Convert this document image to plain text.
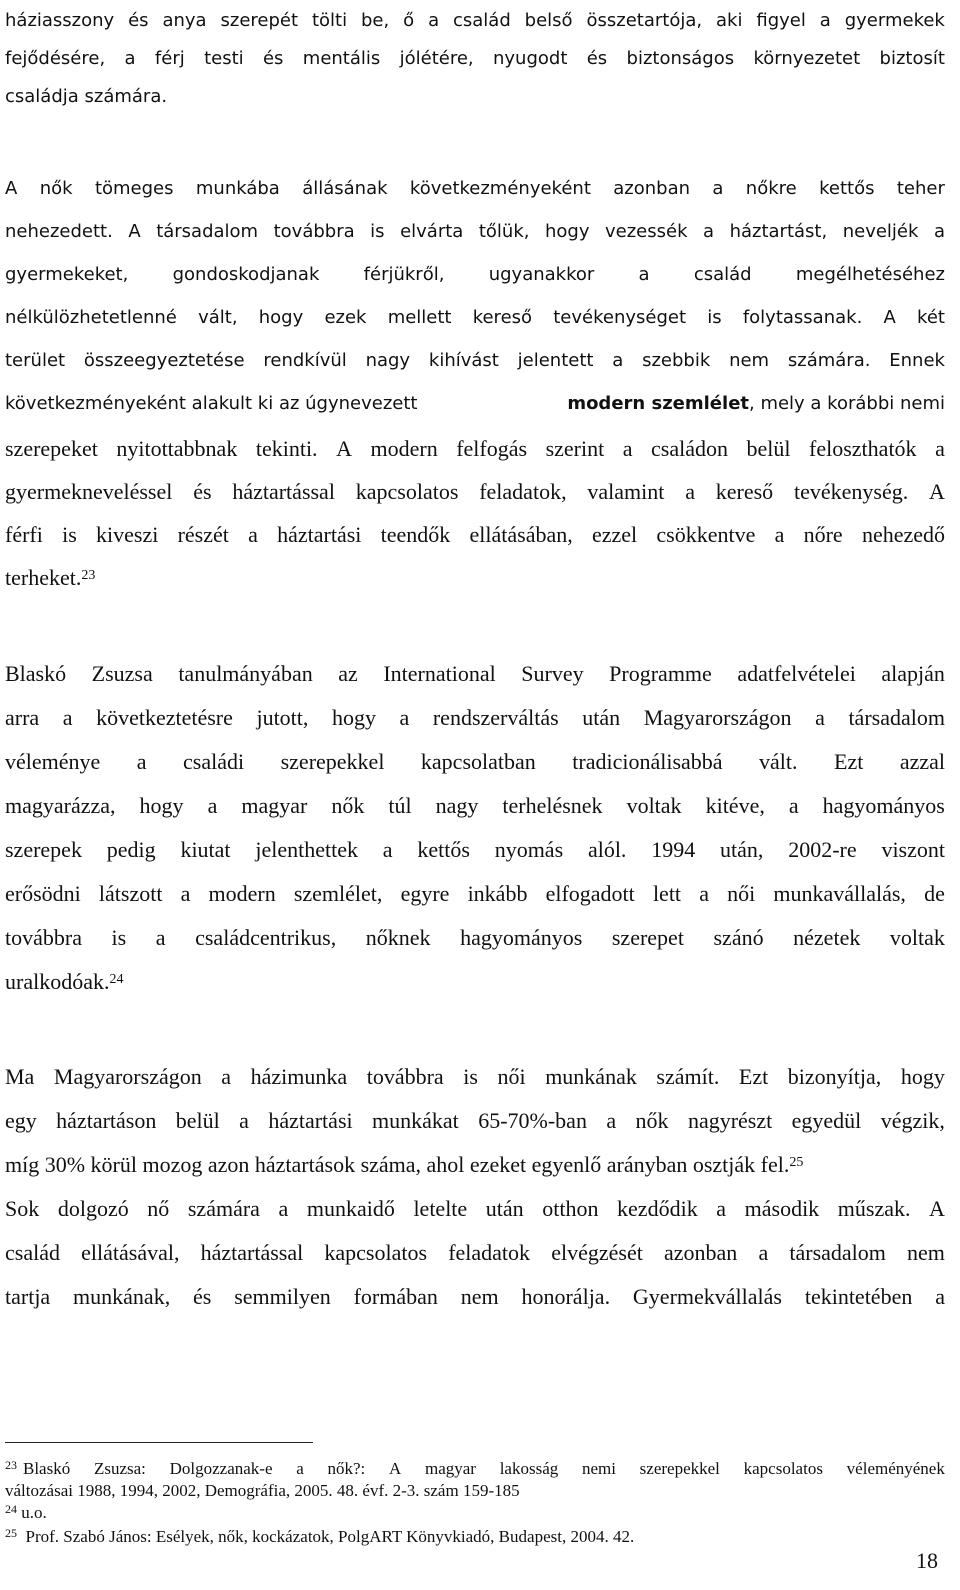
háziasszony és anya szerepét tölti be, ő a család belső összetartója, aki figyel a gyermekek
fejődésére, a férj testi és mentális jólétére, nyugodt és biztonságos környezetet biztosít
családja számára.
A nők tömeges munkába állásának következményeként azonban a nőkre kettős teher
nehezedett. A társadalom továbbra is elvárta tőlük, hogy vezessék a háztartást, neveljék a
gyermekeket, gondoskodjanak férjükről, ugyanakkor a család megélhetéséhez
nélkülözhetetlenné vált, hogy ezek mellett kereső tevékenységet is folytassanak. A két
terület összeegyeztetése rendkívül nagy kihívást jelentett a szebbik nem számára. Ennek
következményeként alakult ki az úgynevezett	modern szemlélet, mely a korábbi nemi
szerepeket nyitottabbnak tekinti. A modern felfogás szerint a családon belül feloszthatók a
gyermekneveléssel és háztartással kapcsolatos feladatok, valamint a kereső tevékenység. A
férfi is kiveszi részét a háztartási teendők ellátásában, ezzel csökkentve a nőre nehezedő
terheket.$^{23}$
Blaskó Zsuzsa tanulmányában az International Survey Programme adatfelvételei alapján
arra a következtetésre jutott, hogy a rendszerváltás után Magyarországon a társadalom
véleménye a családi szerepekkel kapcsolatban tradicionálisabbá vált. Ezt azzal
magyarázza, hogy a magyar nők túl nagy terhelésnek voltak kitéve, a hagyományos
szerepek pedig kiutat jelenthettek a kettős nyomás alól. 1994 után, 2002-re viszont
erősödni látszott a modern szemlélet, egyre inkább elfogadott lett a női munkavállalás, de
továbbra is a családcentrikus, nőknek hagyományos szerepet szánó nézetek voltak
uralkodóak.$^{24}$
Ma Magyarországon a házimunka továbbra is női munkának számít. Ezt bizonyítja, hogy
egy háztartáson belül a háztartási munkákat 65-70%-ban a nők nagyrészt egyedül végzik,
míg 30% körül mozog azon háztartások száma, ahol ezeket egyenlő arányban osztják fel.$^{25}$
Sok dolgozó nő számára a munkaidő letelte után otthon kezdődik a második műszak. A
család ellátásával, háztartással kapcsolatos feladatok elvégzését azonban a társadalom nem
tartja munkának, és semmilyen formában nem honorálja. Gyermekvállalás tekintetében a
$^{23}$ Blaskó Zsuzsa: Dolgozzanak-e a nők?: A magyar lakosság nemi szerepekkel kapcsolatos véleményének
változásai 1988, 1994, 2002, Demográfia, 2005. 48. évf. 2-3. szám 159-185
$^{24}$ u.o.
$^{25}$ Prof. Szabó János: Esélyek, nők, kockázatok, PolgART Könyvkiadó, Budapest, 2004. 42.
18
